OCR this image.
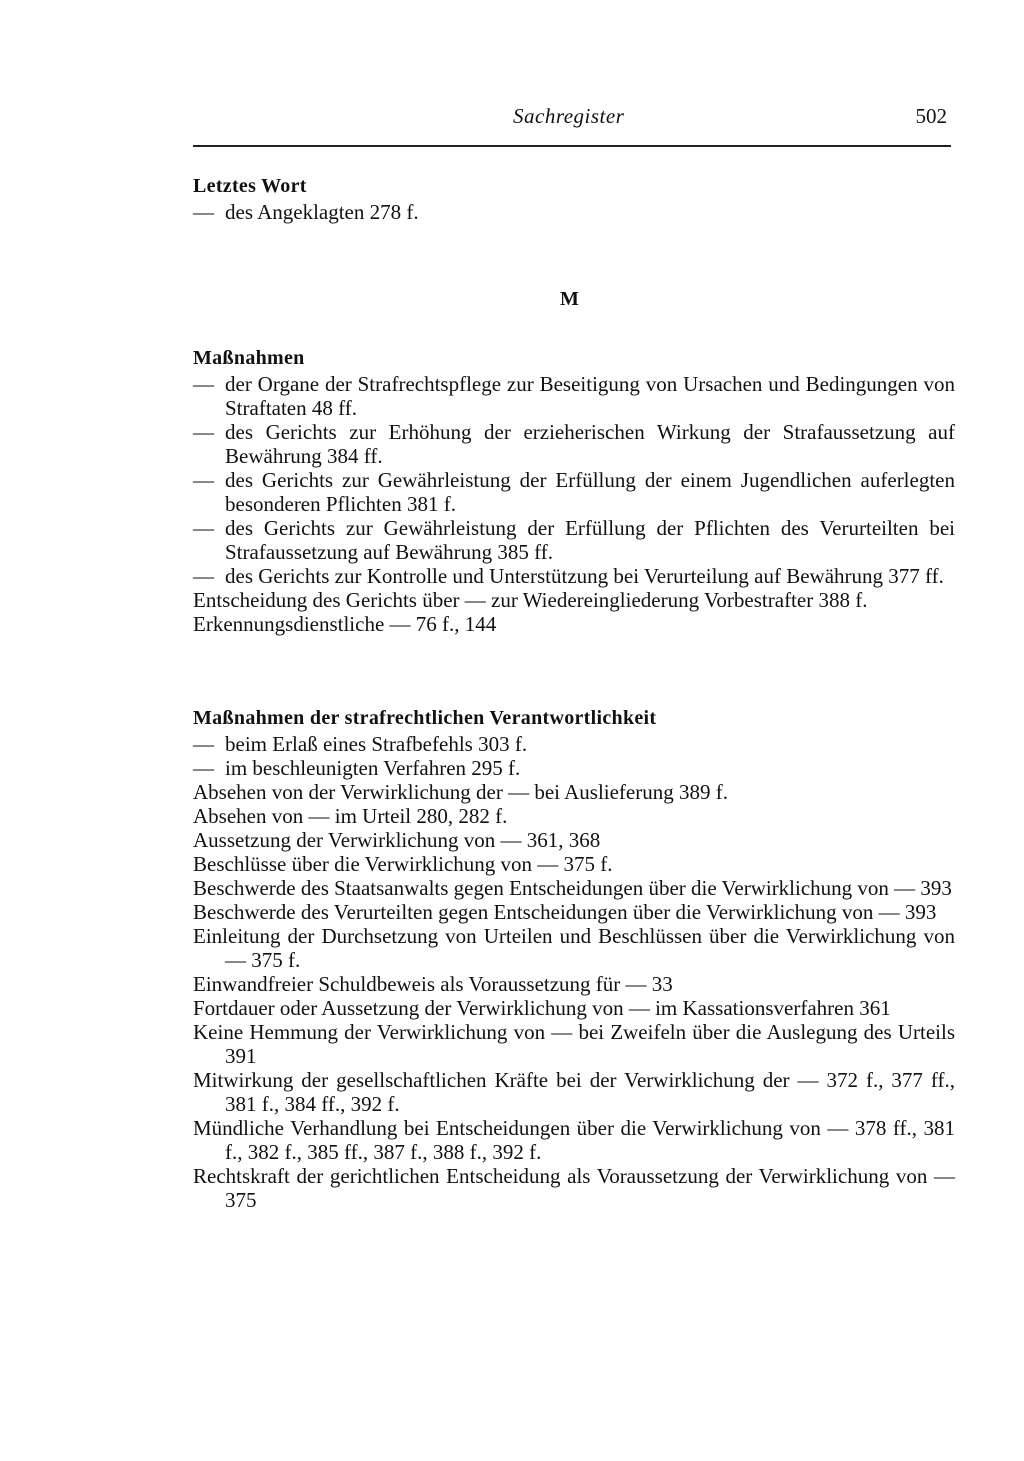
Sachregister	502
Letztes Wort
— des Angeklagten 278 f.
M
Maßnahmen
— der Organe der Strafrechtspflege zur Beseitigung von Ursachen und Bedingungen von Straftaten 48 ff.
— des Gerichts zur Erhöhung der erzieherischen Wirkung der Strafaussetzung auf Bewährung 384 ff.
— des Gerichts zur Gewährleistung der Erfüllung der einem Jugendlichen auferlegten besonderen Pflichten 381 f.
— des Gerichts zur Gewährleistung der Erfüllung der Pflichten des Verurteilten bei Strafaussetzung auf Bewährung 385 ff.
— des Gerichts zur Kontrolle und Unterstützung bei Verurteilung auf Bewährung 377 ff.
Entscheidung des Gerichts über — zur Wiedereingliederung Vorbestrafter 388 f.
Erkennungsdienstliche — 76 f., 144
Maßnahmen der strafrechtlichen Verantwortlichkeit
— beim Erlaß eines Strafbefehls 303 f.
— im beschleunigten Verfahren 295 f.
Absehen von der Verwirklichung der — bei Auslieferung 389 f.
Absehen von — im Urteil 280, 282 f.
Aussetzung der Verwirklichung von — 361, 368
Beschlüsse über die Verwirklichung von — 375 f.
Beschwerde des Staatsanwalts gegen Entscheidungen über die Verwirklichung von — 393
Beschwerde des Verurteilten gegen Entscheidungen über die Verwirklichung von — 393
Einleitung der Durchsetzung von Urteilen und Beschlüssen über die Verwirklichung von — 375 f.
Einwandfreier Schuldbeweis als Voraussetzung für — 33
Fortdauer oder Aussetzung der Verwirklichung von — im Kassationsverfahren 361
Keine Hemmung der Verwirklichung von — bei Zweifeln über die Auslegung des Urteils 391
Mitwirkung der gesellschaftlichen Kräfte bei der Verwirklichung der — 372 f., 377 ff., 381 f., 384 ff., 392 f.
Mündliche Verhandlung bei Entscheidungen über die Verwirklichung von — 378 ff., 381 f., 382 f., 385 ff., 387 f., 388 f., 392 f.
Rechtskraft der gerichtlichen Entscheidung als Voraussetzung der Verwirklichung von — 375
